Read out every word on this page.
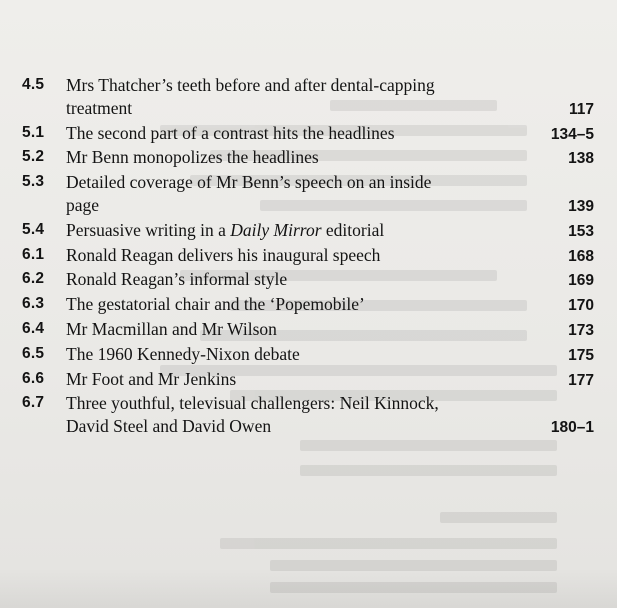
4.5	Mrs Thatcher’s teeth before and after dental-capping
treatment	117
5.1	The second part of a contrast hits the headlines	134–5
5.2	Mr Benn monopolizes the headlines	138
5.3	Detailed coverage of Mr Benn’s speech on an inside
page	139
5.4	Persuasive writing in a Daily Mirror editorial	153
6.1	Ronald Reagan delivers his inaugural speech	168
6.2	Ronald Reagan’s informal style	169
6.3	The gestatorial chair and the ‘Popemobile’	170
6.4	Mr Macmillan and Mr Wilson	173
6.5	The 1960 Kennedy-Nixon debate	175
6.6	Mr Foot and Mr Jenkins	177
6.7	Three youthful, televisual challengers: Neil Kinnock,
David Steel and David Owen	180–1
